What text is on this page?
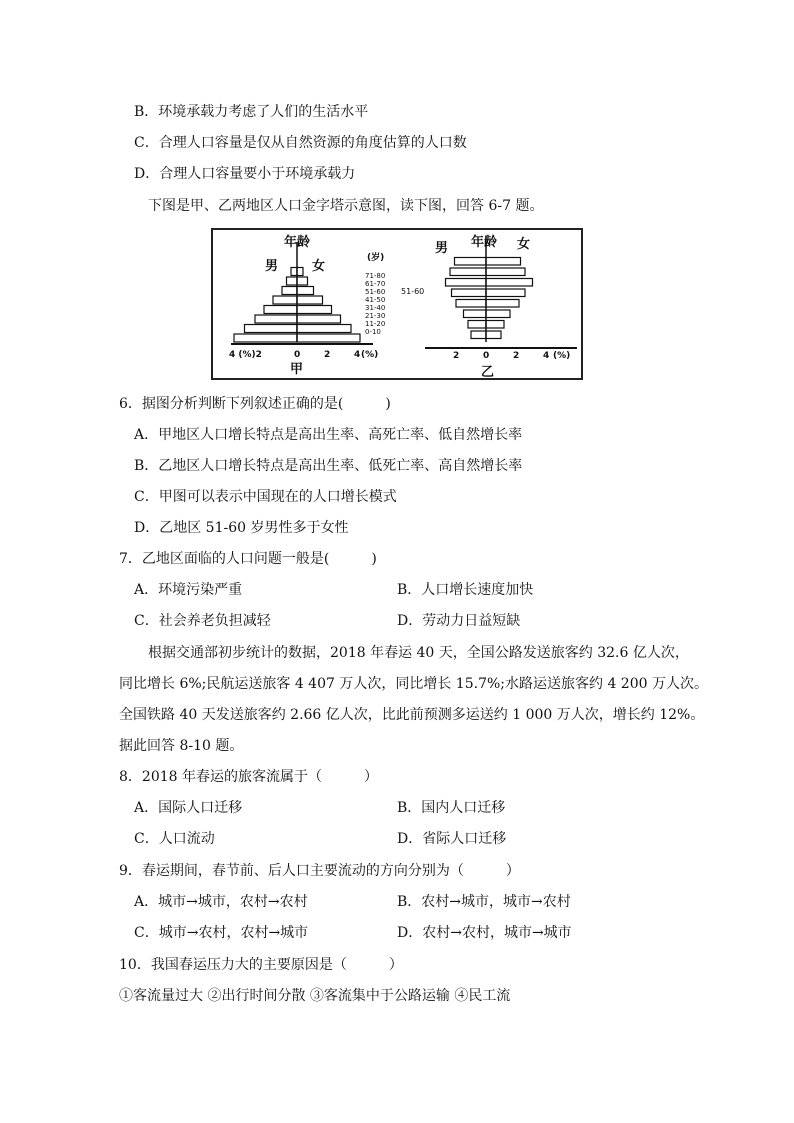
B．环境承载力考虑了人们的生活水平
C．合理人口容量是仅从自然资源的角度估算的人口数
D．合理人口容量要小于环境承载力
下图是甲、乙两地区人口金字塔示意图，读下图，回答 6-7 题。
年龄
男	女
(岁)
71-80
61-70
51-60
41-50
31-40
21-30
11-20
0-10
4 (%)2	0	2	4 (%)
甲
年龄
男	女
51-60
2	0	2	4 (%)
乙
6．据图分析判断下列叙述正确的是(　　　)
A．甲地区人口增长特点是高出生率、高死亡率、低自然增长率
B．乙地区人口增长特点是高出生率、低死亡率、高自然增长率
C．甲图可以表示中国现在的人口增长模式
D．乙地区 51-60 岁男性多于女性
7．乙地区面临的人口问题一般是(　　　)
A．环境污染严重	B．人口增长速度加快
C．社会养老负担减轻	D．劳动力日益短缺
根据交通部初步统计的数据，2018 年春运 40 天，全国公路发送旅客约 32.6 亿人次，
同比增长 6%;民航运送旅客 4 407 万人次，同比增长 15.7%;水路运送旅客约 4 200 万人次。
全国铁路 40 天发送旅客约 2.66 亿人次，比此前预测多运送约 1 000 万人次，增长约 12%。
据此回答 8-10 题。
8．2018 年春运的旅客流属于（　　　）
A．国际人口迁移	B．国内人口迁移
C．人口流动	D．省际人口迁移
9．春运期间，春节前、后人口主要流动的方向分别为（　　　）
A．城市→城市，农村→农村	B．农村→城市，城市→农村
C．城市→农村，农村→城市	D．农村→农村，城市→城市
10．我国春运压力大的主要原因是（　　　）
①客流量过大 ②出行时间分散 ③客流集中于公路运输 ④民工流
